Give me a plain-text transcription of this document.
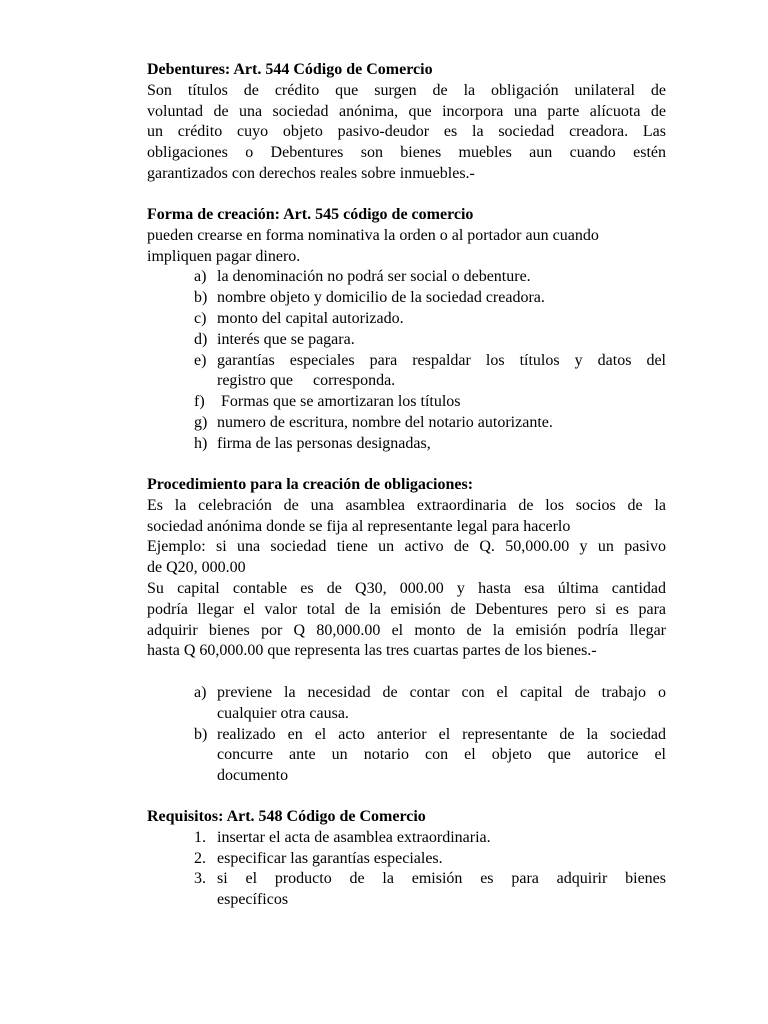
Debentures: Art. 544 Código de Comercio
Son títulos de crédito que surgen de la obligación unilateral de
voluntad de una sociedad anónima, que incorpora una parte alícuota de
un crédito cuyo objeto pasivo-deudor es la sociedad creadora. Las
obligaciones o Debentures son bienes muebles aun cuando estén
garantizados con derechos reales sobre inmuebles.-
Forma de creación: Art. 545 código de comercio
pueden crearse en forma nominativa la orden o al portador aun cuando
impliquen pagar dinero.
a) la denominación no podrá ser social o debenture.
b) nombre objeto y domicilio de la sociedad creadora.
c) monto del capital autorizado.
d) interés que se pagara.
e) garantías especiales para respaldar los títulos y datos del
registro que     corresponda.
f) Formas que se amortizaran los títulos
g) numero de escritura, nombre del notario autorizante.
h) firma de las personas designadas,
Procedimiento para la creación de obligaciones:
Es la celebración de una asamblea extraordinaria de los socios de la
sociedad anónima donde se fija al representante legal para hacerlo
Ejemplo: si una sociedad tiene un activo de Q. 50,000.00 y un pasivo
de Q20, 000.00
Su capital contable es de Q30, 000.00 y hasta esa última cantidad
podría llegar el valor total de la emisión de Debentures pero si es para
adquirir bienes por Q 80,000.00 el monto de la emisión podría llegar
hasta Q 60,000.00 que representa las tres cuartas partes de los bienes.-
a) previene la necesidad de contar con el capital de trabajo o
cualquier otra causa.
b) realizado en el acto anterior el representante de la sociedad
concurre ante un notario con el objeto que autorice el
documento
Requisitos: Art. 548 Código de Comercio
1. insertar el acta de asamblea extraordinaria.
2. especificar las garantías especiales.
3. si el producto de la emisión es para adquirir bienes
específicos
